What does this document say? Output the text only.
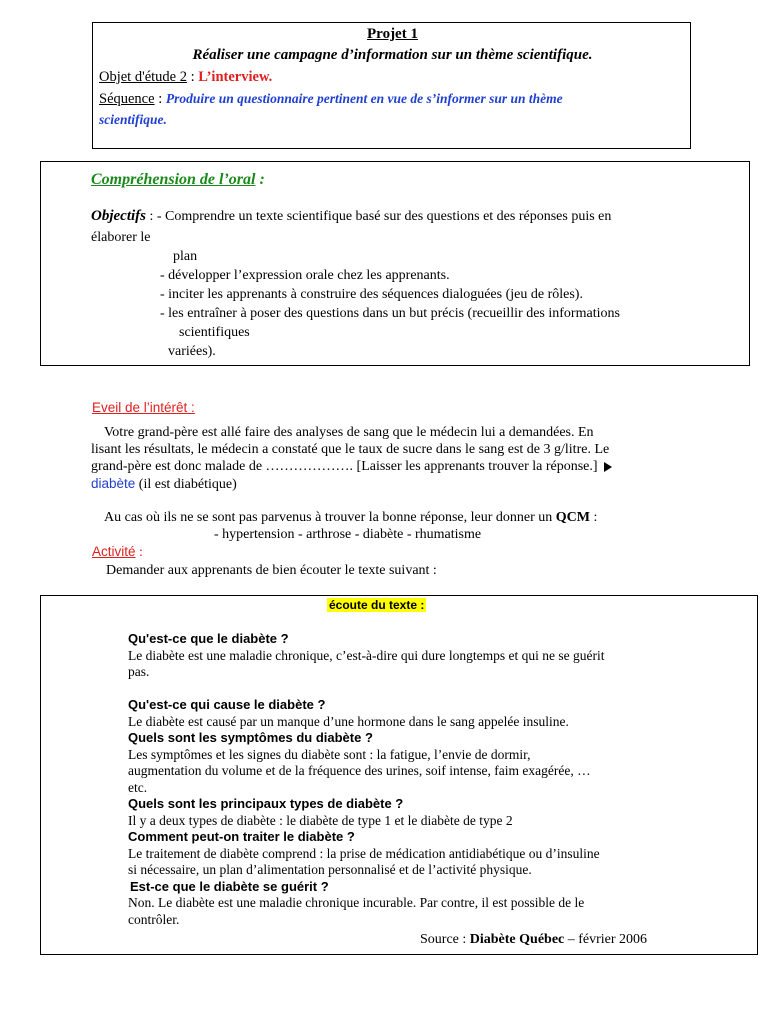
Projet 1
Réaliser une campagne d’information sur un thème scientifique.
Objet d'étude 2 : L’interview.
Séquence : Produire un questionnaire pertinent en vue de s’informer sur un thème
scientifique.
Compréhension de l’oral :
Objectifs : - Comprendre un texte scientifique basé sur des questions et des réponses puis en
élaborer le
plan
- développer l’expression orale chez les apprenants.
- inciter les apprenants à construire des séquences dialoguées (jeu de rôles).
- les entraîner à poser des questions dans un but précis (recueillir des informations
scientifiques
variées).
Eveil de l’intérêt :
Votre grand-père est allé faire des analyses de sang que le médecin lui a demandées. En
lisant les résultats, le médecin a constaté que le taux de sucre dans le sang est de 3 g/litre. Le
grand-père est donc malade de ………………. [Laisser les apprenants trouver la réponse.]
diabète (il est diabétique)
Au cas où ils ne se sont pas parvenus à trouver la bonne réponse, leur donner un QCM :
- hypertension - arthrose - diabète - rhumatisme
Activité :
Demander aux apprenants de bien écouter le texte suivant :
écoute du texte :
Qu'est-ce que le diabète ?
Le diabète est une maladie chronique, c’est-à-dire qui dure longtemps et qui ne se guérit
pas.
Qu'est-ce qui cause le diabète ?
Le diabète est causé par un manque d’une hormone dans le sang appelée insuline.
Quels sont les symptômes du diabète ?
Les symptômes et les signes du diabète sont : la fatigue, l’envie de dormir,
augmentation du volume et de la fréquence des urines, soif intense, faim exagérée, …
etc.
Quels sont les principaux types de diabète ?
Il y a deux types de diabète : le diabète de type 1 et le diabète de type 2
Comment peut-on traiter le diabète ?
Le traitement de diabète comprend : la prise de médication antidiabétique ou d’insuline
si nécessaire, un plan d’alimentation personnalisé et de l’activité physique.
Est-ce que le diabète se guérit ?
Non. Le diabète est une maladie chronique incurable. Par contre, il est possible de le
contrôler.
Source : Diabète Québec – février 2006
